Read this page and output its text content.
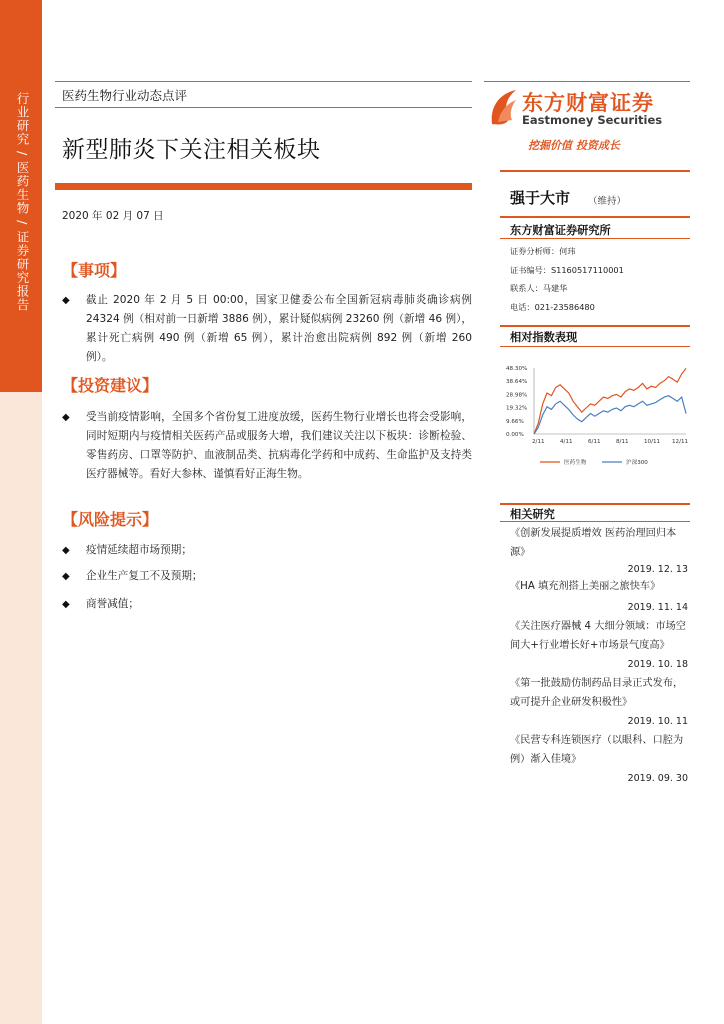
行业研究 / 医药生物 / 证券研究报告	医药生物行业动态点评
新型肺炎下关注相关板块
2020 年 02 月 07 日
【事项】
◆ 截止 2020 年 2 月 5 日 00:00，国家卫健委公布全国新冠病毒肺炎确诊病例 24324 例（相对前一日新增 3886 例），累计疑似病例 23260 例（新增 46 例），累计死亡病例 490 例（新增 65 例），累计治愈出院病例 892 例（新增 260 例）。
【投资建议】
◆ 受当前疫情影响，全国多个省份复工进度放缓，医药生物行业增长也将会受影响，同时短期内与疫情相关医药产品或服务大增，我们建议关注以下板块：诊断检验、零售药房、口罩等防护、血液制品类、抗病毒化学药和中成药、生命监护及支持类医疗器械等。看好大参林、谨慎看好正海生物。
【风险提示】
◆ 疫情延续超市场预期；
◆ 企业生产复工不及预期；
◆ 商誉减值；
东方财富证券
Eastmoney Securities
挖掘价值 投资成长
强于大市 （维持）
东方财富证券研究所
证券分析师：何玮
证书编号：S1160517110001
联系人：马建华
电话：021-23586480
相对指数表现
48.30%
38.64%
28.98%
19.32%
9.66%
0.00%
2/11	4/11	6/11	8/11	10/11 12/11
医药生物	沪深300
相关研究
《创新发展提质增效 医药治理回归本源》
2019. 12. 13
《HA 填充剂搭上美丽之旅快车》
2019. 11. 14
《关注医疗器械 4 大细分领域：市场空间大+行业增长好+市场景气度高》
2019. 10. 18
《第一批鼓励仿制药品目录正式发布，或可提升企业研发积极性》
2019. 10. 11
《民营专科连锁医疗（以眼科、口腔为例）渐入佳境》
2019. 09. 30
